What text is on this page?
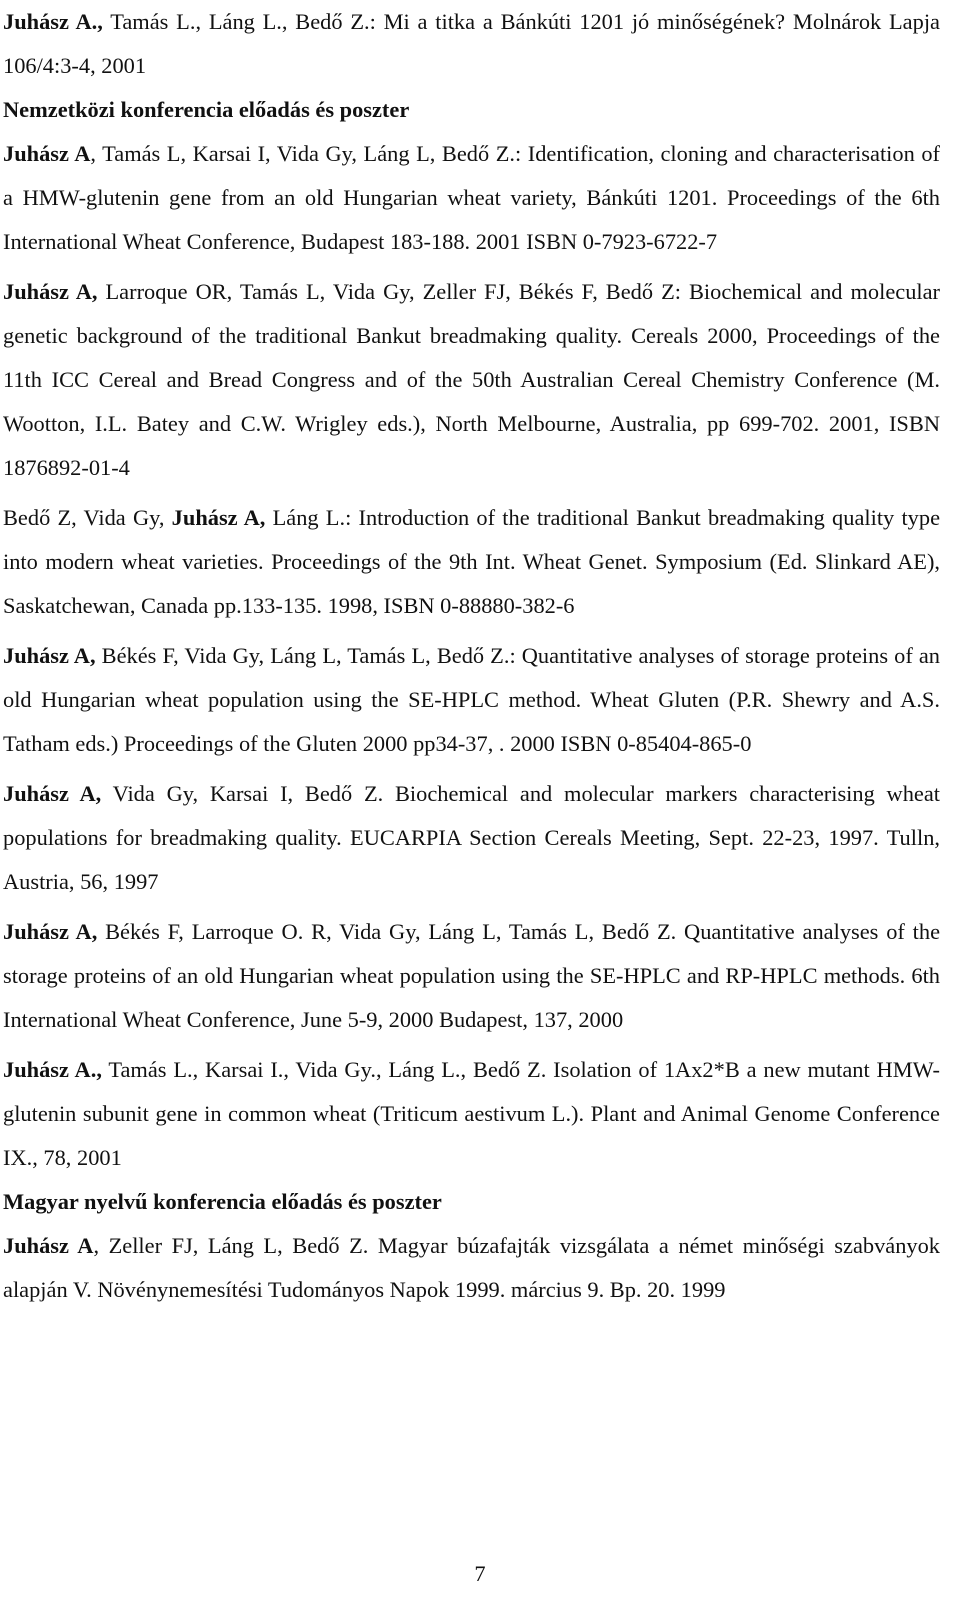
Juhász A., Tamás L., Láng L., Bedő Z.: Mi a titka a Bánkúti 1201 jó minőségének? Molnárok Lapja 106/4:3-4, 2001

Nemzetközi konferencia előadás és poszter

Juhász A, Tamás L, Karsai I, Vida Gy, Láng L, Bedő Z.: Identification, cloning and characterisation of a HMW-glutenin gene from an old Hungarian wheat variety, Bánkúti 1201. Proceedings of the 6th International Wheat Conference, Budapest 183-188. 2001 ISBN 0-7923-6722-7

Juhász A, Larroque OR, Tamás L, Vida Gy, Zeller FJ, Békés F, Bedő Z: Biochemical and molecular genetic background of the traditional Bankut breadmaking quality. Cereals 2000, Proceedings of the 11th ICC Cereal and Bread Congress and of the 50th Australian Cereal Chemistry Conference (M. Wootton, I.L. Batey and C.W. Wrigley eds.), North Melbourne, Australia, pp 699-702. 2001, ISBN 1876892-01-4

Bedő Z, Vida Gy, Juhász A, Láng L.: Introduction of the traditional Bankut breadmaking quality type into modern wheat varieties. Proceedings of the 9th Int. Wheat Genet. Symposium (Ed. Slinkard AE), Saskatchewan, Canada pp.133-135. 1998, ISBN 0-88880-382-6

Juhász A, Békés F, Vida Gy, Láng L, Tamás L, Bedő Z.: Quantitative analyses of storage proteins of an old Hungarian wheat population using the SE-HPLC method. Wheat Gluten (P.R. Shewry and A.S. Tatham eds.) Proceedings of the Gluten 2000 pp34-37, . 2000 ISBN 0-85404-865-0

Juhász A, Vida Gy, Karsai I, Bedő Z. Biochemical and molecular markers characterising wheat populations for breadmaking quality. EUCARPIA Section Cereals Meeting, Sept. 22-23, 1997. Tulln, Austria, 56, 1997

Juhász A, Békés F, Larroque O. R, Vida Gy, Láng L, Tamás L, Bedő Z. Quantitative analyses of the storage proteins of an old Hungarian wheat population using the SE-HPLC and RP-HPLC methods. 6th International Wheat Conference, June 5-9, 2000 Budapest, 137, 2000

Juhász A., Tamás L., Karsai I., Vida Gy., Láng L., Bedő Z. Isolation of 1Ax2*B a new mutant HMW-glutenin subunit gene in common wheat (Triticum aestivum L.). Plant and Animal Genome Conference IX., 78, 2001

Magyar nyelvű konferencia előadás és poszter

Juhász A, Zeller FJ, Láng L, Bedő Z. Magyar búzafajták vizsgálata a német minőségi szabványok alapján V. Növénynemesítési Tudományos Napok 1999. március 9. Bp. 20. 1999

7
